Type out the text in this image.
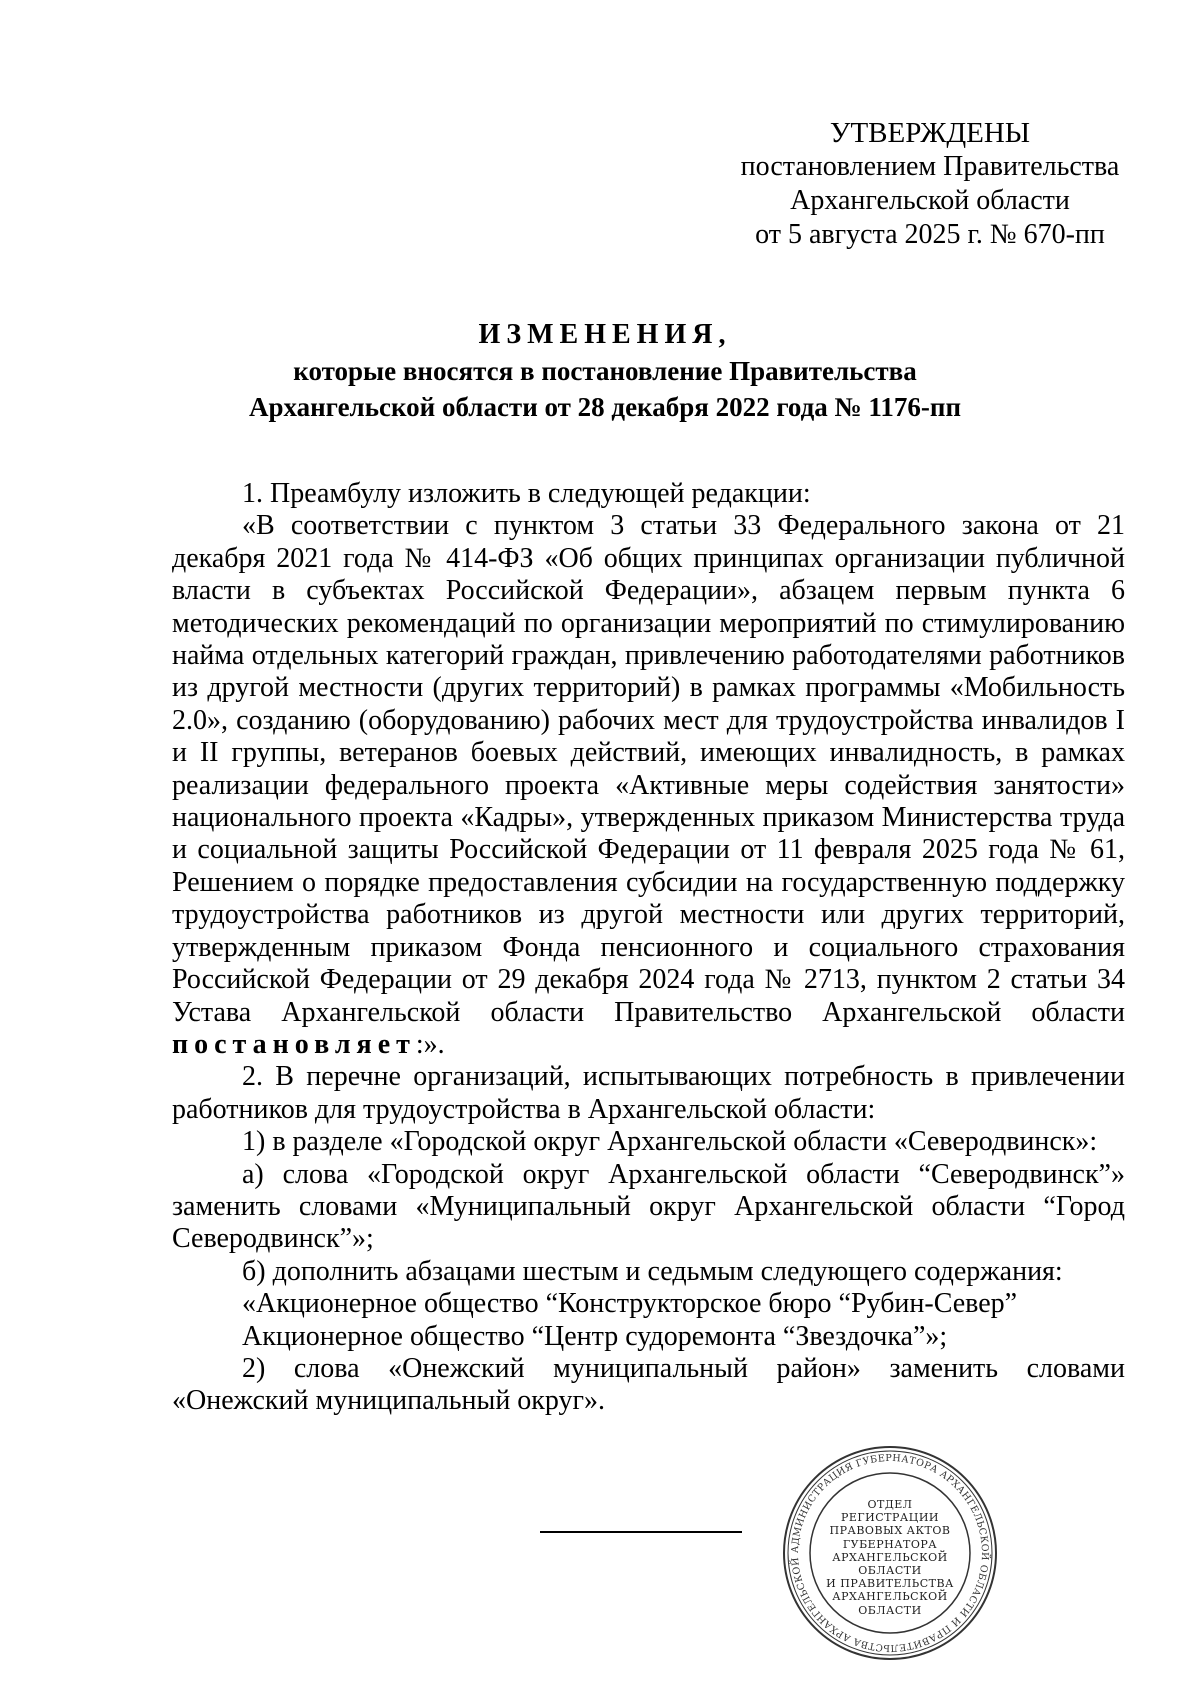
УТВЕРЖДЕНЫ
постановлением Правительства
Архангельской области
от 5 августа 2025 г. № 670-пп
ИЗМЕНЕНИЯ,
которые вносятся в постановление Правительства
Архангельской области от 28 декабря 2022 года № 1176-пп

1. Преамбулу изложить в следующей редакции:

«В соответствии с пунктом 3 статьи 33 Федерального закона от 21 декабря 2021 года № 414-ФЗ «Об общих принципах организации публичной власти в субъектах Российской Федерации», абзацем первым пункта 6 методических рекомендаций по организации мероприятий по стимулированию найма отдельных категорий граждан, привлечению работодателями работников из другой местности (других территорий) в рамках программы «Мобильность 2.0», созданию (оборудованию) рабочих мест для трудоустройства инвалидов I и II группы, ветеранов боевых действий, имеющих инвалидность, в рамках реализации федерального проекта «Активные меры содействия занятости» национального проекта «Кадры», утвержденных приказом Министерства труда и социальной защиты Российской Федерации от 11 февраля 2025 года № 61, Решением о порядке предоставления субсидии на государственную поддержку трудоустройства работников из другой местности или других территорий, утвержденным приказом Фонда пенсионного и социального страхования Российской Федерации от 29 декабря 2024 года № 2713, пунктом 2 статьи 34 Устава Архангельской области Правительство Архангельской области постановляет:».

2. В перечне организаций, испытывающих потребность в привлечении работников для трудоустройства в Архангельской области:

1) в разделе «Городской округ Архангельской области «Северодвинск»:

а) слова «Городской округ Архангельской области “Северодвинск”» заменить словами «Муниципальный округ Архангельской области “Город Северодвинск”»;

б) дополнить абзацами шестым и седьмым следующего содержания:

«Акционерное общество “Конструкторское бюро “Рубин-Север”

Акционерное общество “Центр судоремонта “Звездочка”»;

2) слова «Онежский муниципальный район» заменить словами «Онежский муниципальный округ».

АДМИНИСТРАЦИЯ ГУБЕРНАТОРА АРХАНГЕЛЬСКОЙ ОБЛАСТИ И ПРАВИТЕЛЬСТВА АРХАНГЕЛЬСКОЙ
ОТДЕЛ
РЕГИСТРАЦИИ
ПРАВОВЫХ АКТОВ
ГУБЕРНАТОРА
АРХАНГЕЛЬСКОЙ
ОБЛАСТИ
И ПРАВИТЕЛЬСТВА
АРХАНГЕЛЬСКОЙ
ОБЛАСТИ
